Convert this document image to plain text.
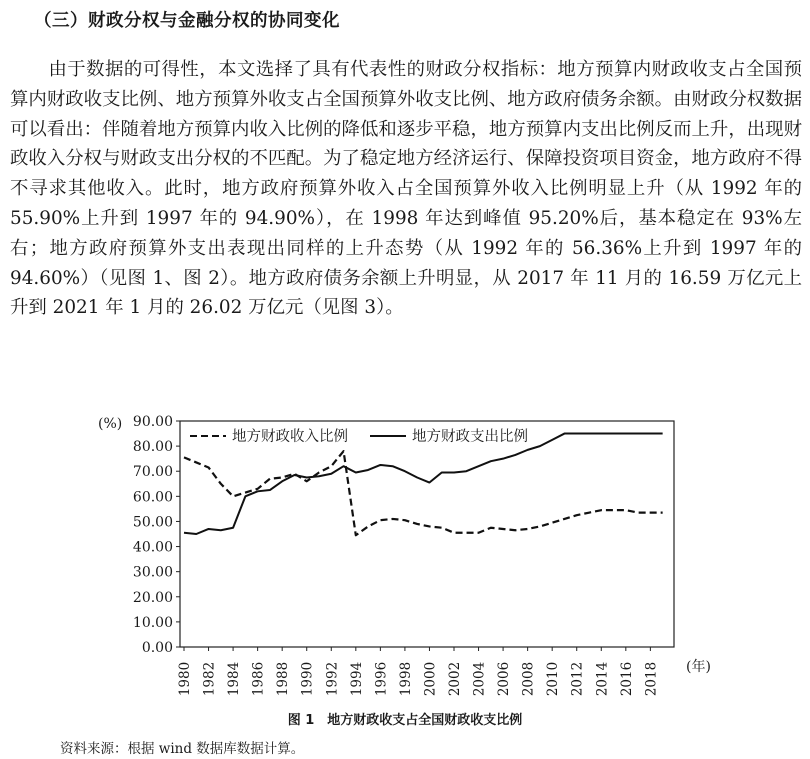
（三）财政分权与金融分权的协同变化

由于数据的可得性，本文选择了具有代表性的财政分权指标：地方预算内财政收支占全国预算内财政收支比例、地方预算外收支占全国预算外收支比例、地方政府债务余额。由财政分权数据可以看出：伴随着地方预算内收入比例的降低和逐步平稳，地方预算内支出比例反而上升，出现财政收入分权与财政支出分权的不匹配。为了稳定地方经济运行、保障投资项目资金，地方政府不得不寻求其他收入。此时，地方政府预算外收入占全国预算外收入比例明显上升（从 1992 年的 55.90%上升到 1997 年的 94.90%），在 1998 年达到峰值 95.20%后，基本稳定在 93%左右；地方政府预算外支出表现出同样的上升态势（从 1992 年的 56.36%上升到 1997 年的 94.60%）（见图 1、图 2）。地方政府债务余额上升明显，从 2017 年 11 月的 16.59 万亿元上升到 2021 年 1 月的 26.02 万亿元（见图 3）。

0.00
10.00
20.00
30.00
40.00
50.00
60.00
70.00
80.00
90.00
(%)
1980 1982 1984 1986 1988 1990 1992 1994 1996 1998 2000 2002 2004 2006 2008 2010 2012 2014 2016 2018 (年)
地方财政收入比例	地方财政支出比例
图 1　地方财政收支占全国财政收支比例
资料来源：根据 wind 数据库数据计算。
